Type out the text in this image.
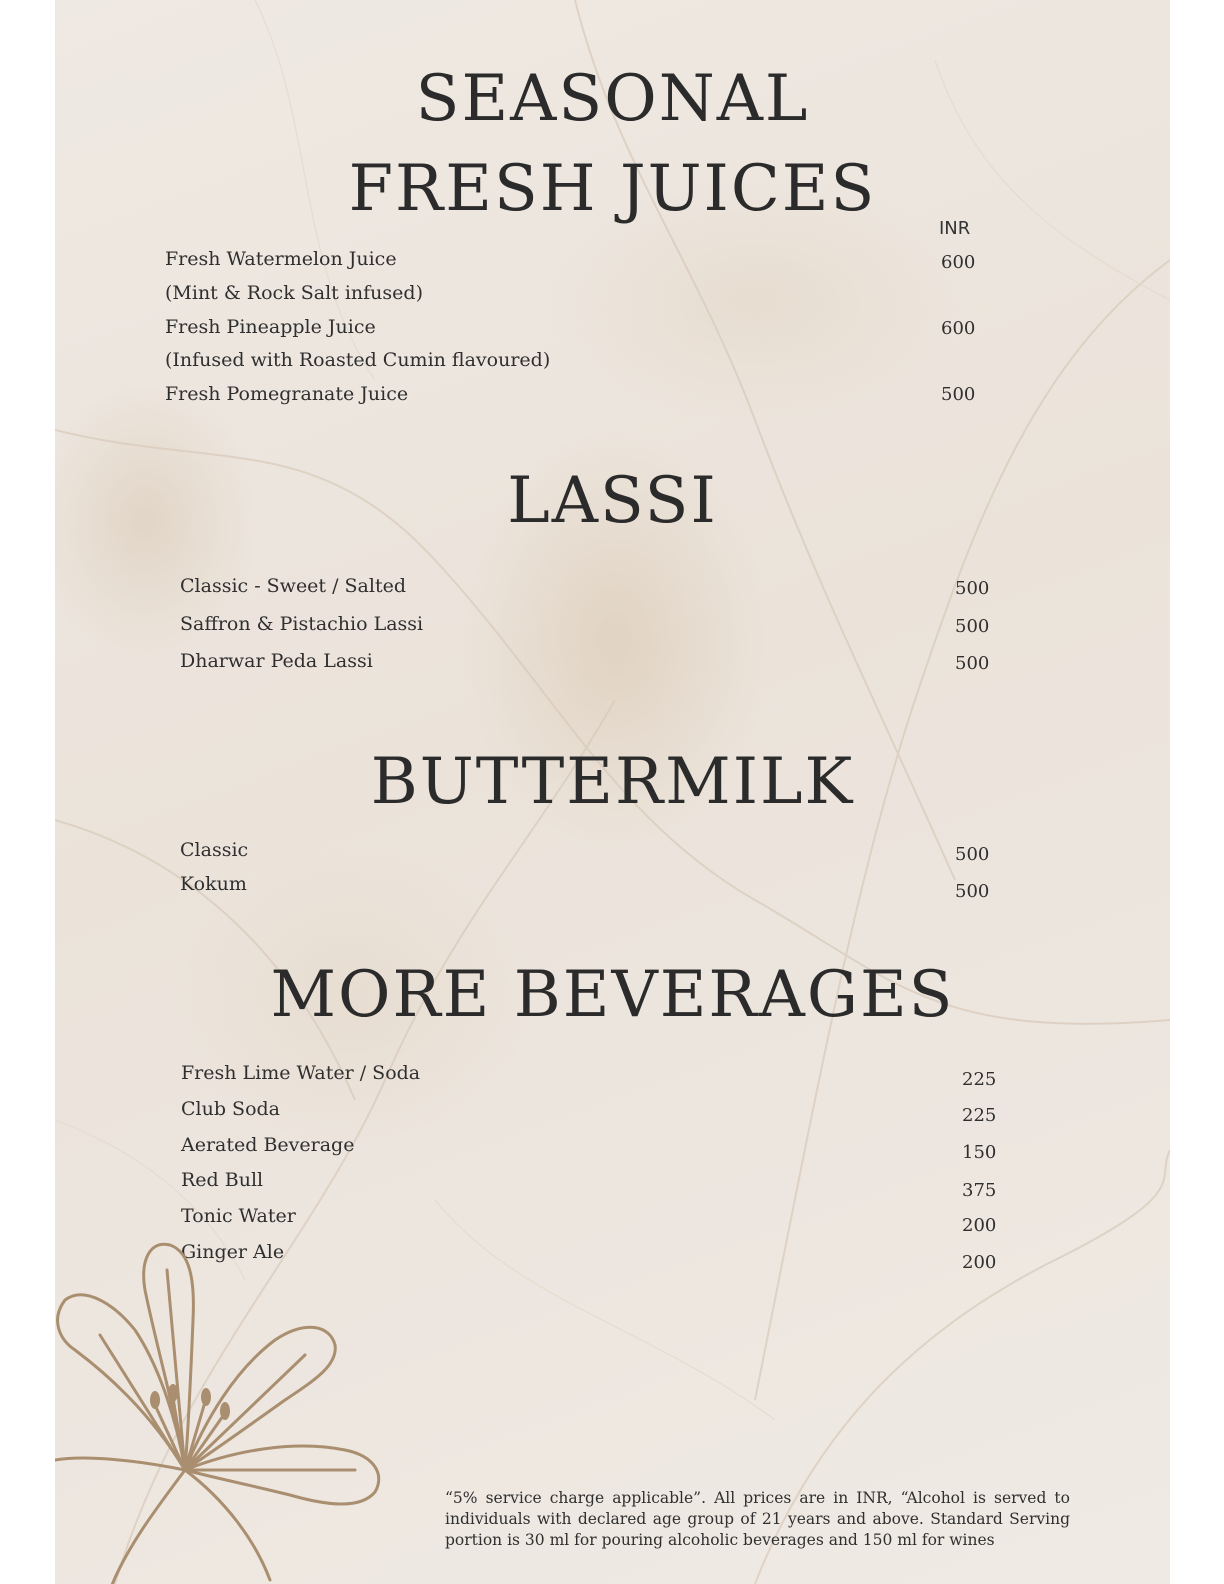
SEASONAL
FRESH JUICES
INR
Fresh Watermelon Juice	600
(Mint & Rock Salt infused)
Fresh Pineapple Juice	600
(Infused with Roasted Cumin flavoured)
Fresh Pomegranate Juice	500
LASSI
Classic - Sweet / Salted	500
Saffron & Pistachio Lassi	500
Dharwar Peda Lassi	500
BUTTERMILK
Classic	500
Kokum	500
MORE BEVERAGES
Fresh Lime Water / Soda	225
Club Soda	225
Aerated Beverage	150
Red Bull	375
Tonic Water	200
Ginger Ale	200
“5% service charge applicable”. All prices are in INR, “Alcohol is served to individuals with declared age group of 21 years and above. Standard Serving portion is 30 ml for pouring alcoholic beverages and 150 ml for wines
